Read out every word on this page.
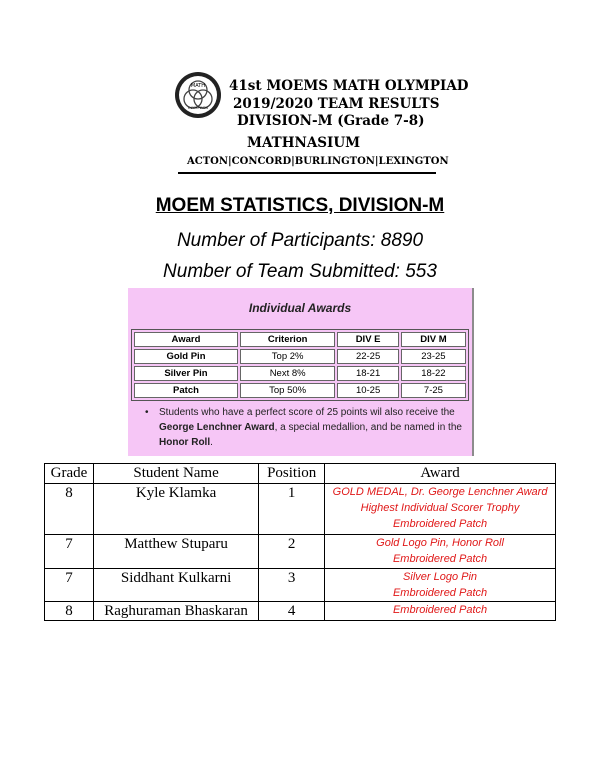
MATH
OLYMPIADS
41st MOEMS MATH OLYMPIAD
2019/2020 TEAM RESULTS
DIVISION-M (Grade 7-8)
MATHNASIUM
ACTON|CONCORD|BURLINGTON|LEXINGTON
MOEM STATISTICS, DIVISION-M
Number of Participants: 8890
Number of Team Submitted: 553
Individual Awards
Award	Criterion	DIV E	DIV M
Gold Pin	Top 2%	22-25	23-25
Silver Pin	Next 8%	18-21	18-22
Patch	Top 50%	10-25	7-25
•	Students who have a perfect score of 25 points wil also receive the George Lenchner Award, a special medallion, and be named in the Honor Roll.
Grade	Student Name	Position	Award
8	Kyle Klamka	1	GOLD MEDAL, Dr. George Lenchner Award
Highest Individual Scorer Trophy
Embroidered Patch

7	Matthew Stuparu	2	Gold Logo Pin, Honor Roll
Embroidered Patch

7	Siddhant Kulkarni	3	Silver Logo Pin
Embroidered Patch

8	Raghuraman Bhaskaran	4	Embroidered Patch
